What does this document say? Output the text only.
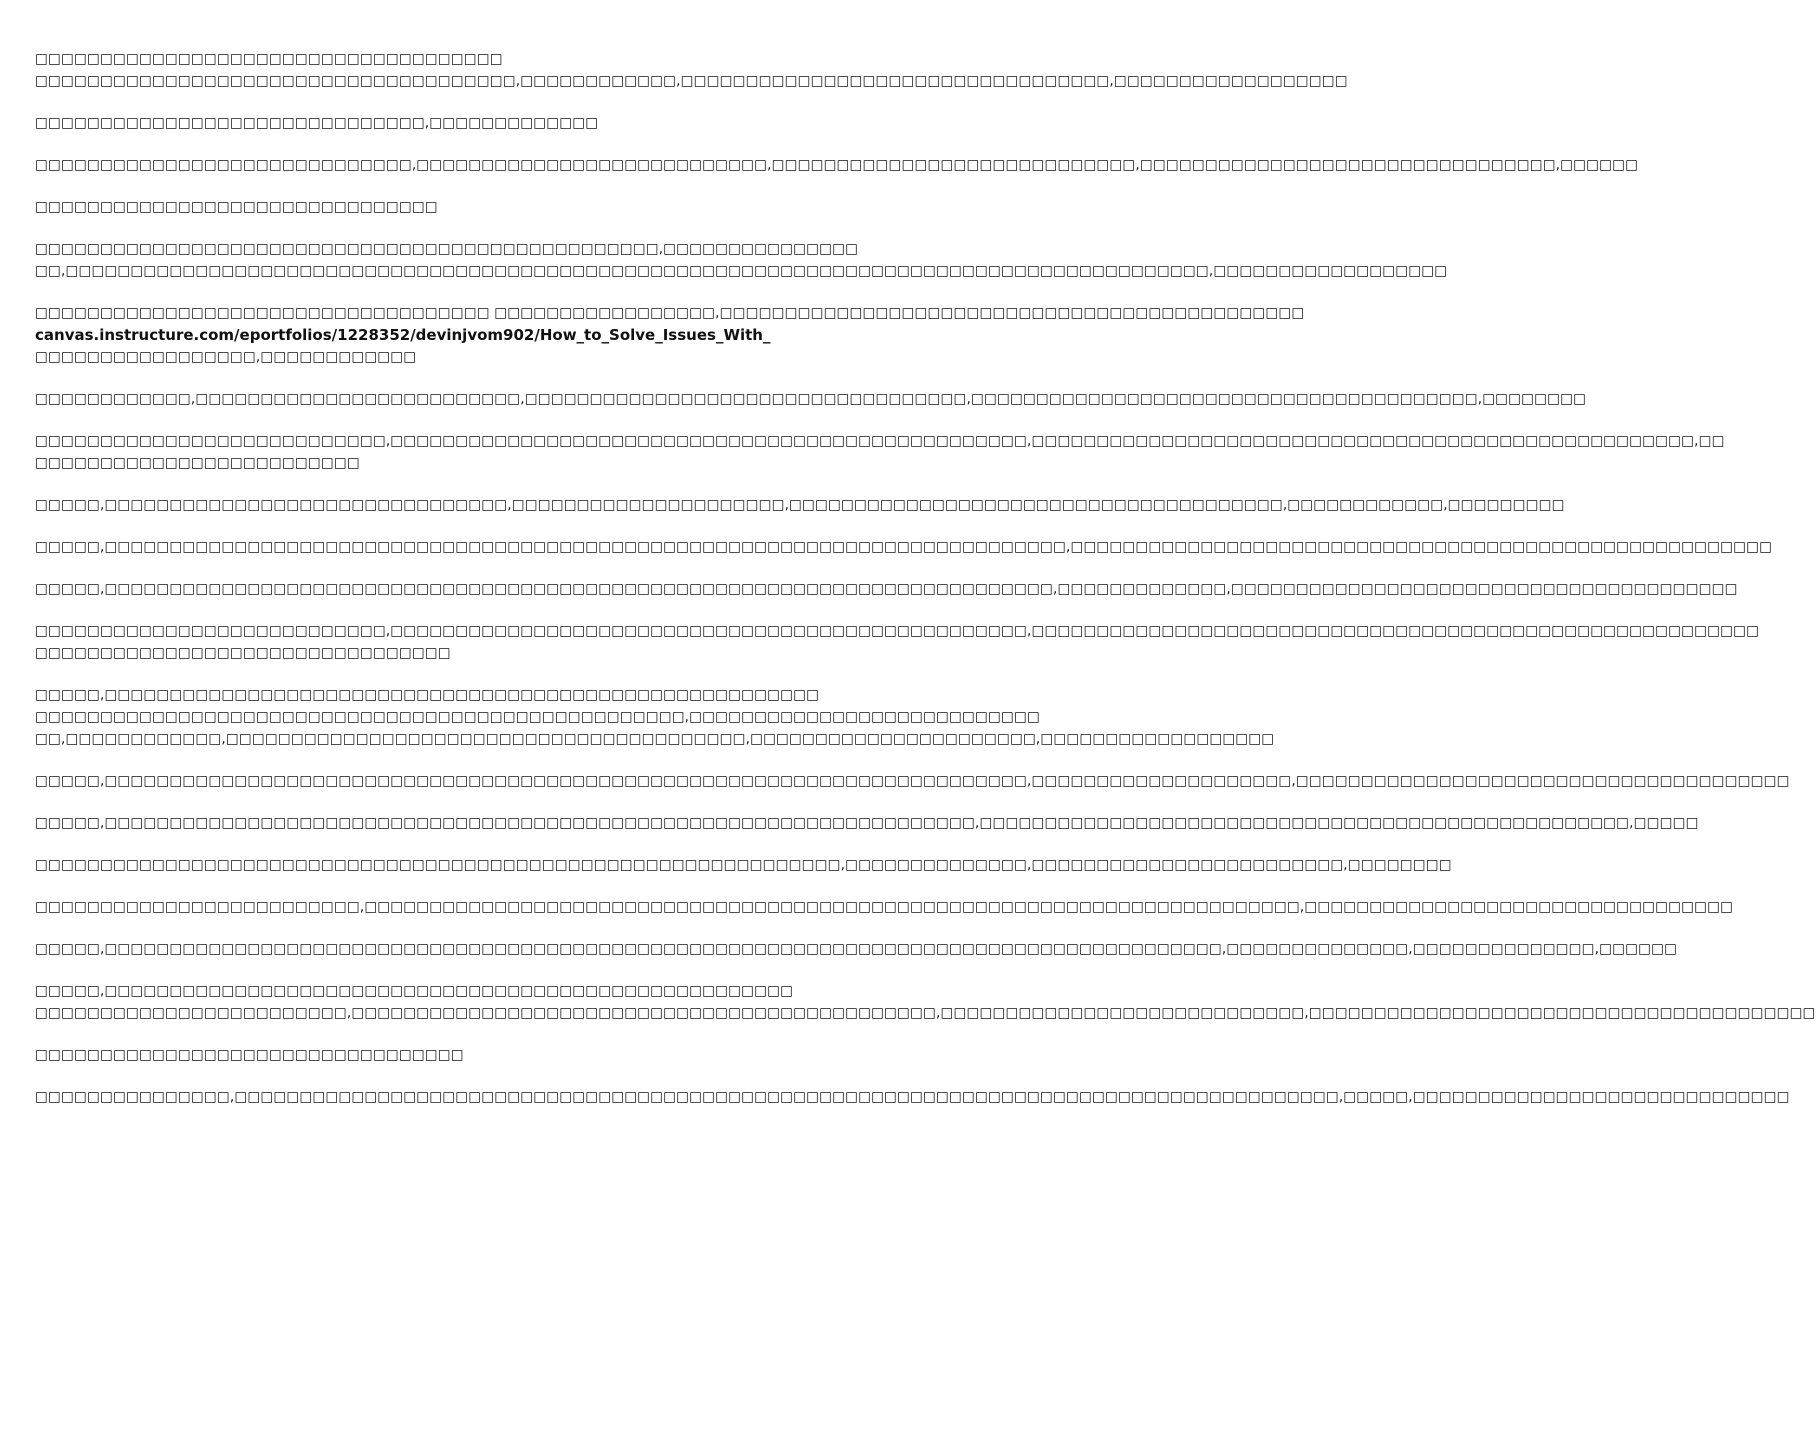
□□□□□□□□□□□□□□□□□□□□□□□□□□□□□□□□□□□□
□□□□□□□□□□□□□□□□□□□□□□□□□□□□□□□□□□□□□,□□□□□□□□□□□□,□□□□□□□□□□□□□□□□□□□□□□□□□□□□□□□□□,□□□□□□□□□□□□□□□□□□
□□□□□□□□□□□□□□□□□□□□□□□□□□□□□□,□□□□□□□□□□□□□
□□□□□□□□□□□□□□□□□□□□□□□□□□□□□,□□□□□□□□□□□□□□□□□□□□□□□□□□□,□□□□□□□□□□□□□□□□□□□□□□□□□□□□,□□□□□□□□□□□□□□□□□□□□□□□□□□□□□□□□,□□□□□□
□□□□□□□□□□□□□□□□□□□□□□□□□□□□□□□
□□□□□□□□□□□□□□□□□□□□□□□□□□□□□□□□□□□□□□□□□□□□□□□□,□□□□□□□□□□□□□□□
□□,□□□□□□□□□□□□□□□□□□□□□□□□□□□□□□□□□□□□□□□□□□□□□□□□□□□□□□□□□□□□□□□□□□□□□□□□□□□□□□□□□□□□□□□□,□□□□□□□□□□□□□□□□□□
□□□□□□□□□□□□□□□□□□□□□□□□□□□□□□□□□□□ □□□□□□□□□□□□□□□□□,□□□□□□□□□□□□□□□□□□□□□□□□□□□□□□□□□□□□□□□□□□□□□
canvas.instructure.com/eportfolios/1228352/devinjvom902/How_to_Solve_Issues_With_
□□□□□□□□□□□□□□□□□,□□□□□□□□□□□□
□□□□□□□□□□□□,□□□□□□□□□□□□□□□□□□□□□□□□□,□□□□□□□□□□□□□□□□□□□□□□□□□□□□□□□□□□,□□□□□□□□□□□□□□□□□□□□□□□□□□□□□□□□□□□□□□□,□□□□□□□□
□□□□□□□□□□□□□□□□□□□□□□□□□□□,□□□□□□□□□□□□□□□□□□□□□□□□□□□□□□□□□□□□□□□□□□□□□□□□□,□□□□□□□□□□□□□□□□□□□□□□□□□□□□□□□□□□□□□□□□□□□□□□□□□□□,□□
□□□□□□□□□□□□□□□□□□□□□□□□□
□□□□□,□□□□□□□□□□□□□□□□□□□□□□□□□□□□□□□,□□□□□□□□□□□□□□□□□□□□□,□□□□□□□□□□□□□□□□□□□□□□□□□□□□□□□□□□□□□□,□□□□□□□□□□□□,□□□□□□□□□
□□□□□,□□□□□□□□□□□□□□□□□□□□□□□□□□□□□□□□□□□□□□□□□□□□□□□□□□□□□□□□□□□□□□□□□□□□□□□□□□,□□□□□□□□□□□□□□□□□□□□□□□□□□□□□□□□□□□□□□□□□□□□□□□□□□□□□□
□□□□□,□□□□□□□□□□□□□□□□□□□□□□□□□□□□□□□□□□□□□□□□□□□□□□□□□□□□□□□□□□□□□□□□□□□□□□□□□,□□□□□□□□□□□□□,□□□□□□□□□□□□□□□□□□□□□□□□□□□□□□□□□□□□□□□
□□□□□□□□□□□□□□□□□□□□□□□□□□□,□□□□□□□□□□□□□□□□□□□□□□□□□□□□□□□□□□□□□□□□□□□□□□□□□,□□□□□□□□□□□□□□□□□□□□□□□□□□□□□□□□□□□□□□□□□□□□□□□□□□□□□□□□
□□□□□□□□□□□□□□□□□□□□□□□□□□□□□□□□
□□□□□,□□□□□□□□□□□□□□□□□□□□□□□□□□□□□□□□□□□□□□□□□□□□□□□□□□□□□□□
□□□□□□□□□□□□□□□□□□□□□□□□□□□□□□□□□□□□□□□□□□□□□□□□□□,□□□□□□□□□□□□□□□□□□□□□□□□□□□
□□,□□□□□□□□□□□□,□□□□□□□□□□□□□□□□□□□□□□□□□□□□□□□□□□□□□□□□,□□□□□□□□□□□□□□□□□□□□□□,□□□□□□□□□□□□□□□□□□
□□□□□,□□□□□□□□□□□□□□□□□□□□□□□□□□□□□□□□□□□□□□□□□□□□□□□□□□□□□□□□□□□□□□□□□□□□□□□,□□□□□□□□□□□□□□□□□□□□,□□□□□□□□□□□□□□□□□□□□□□□□□□□□□□□□□□□□□□
□□□□□,□□□□□□□□□□□□□□□□□□□□□□□□□□□□□□□□□□□□□□□□□□□□□□□□□□□□□□□□□□□□□□□□□□□,□□□□□□□□□□□□□□□□□□□□□□□□□□□□□□□□□□□□□□□□□□□□□□□□□□,□□□□□
□□□□□□□□□□□□□□□□□□□□□□□□□□□□□□□□□□□□□□□□□□□□□□□□□□□□□□□□□□□□□□,□□□□□□□□□□□□□□,□□□□□□□□□□□□□□□□□□□□□□□□,□□□□□□□□
□□□□□□□□□□□□□□□□□□□□□□□□□,□□□□□□□□□□□□□□□□□□□□□□□□□□□□□□□□□□□□□□□□□□□□□□□□□□□□□□□□□□□□□□□□□□□□□□□□,□□□□□□□□□□□□□□□□□□□□□□□□□□□□□□□□□
□□□□□,□□□□□□□□□□□□□□□□□□□□□□□□□□□□□□□□□□□□□□□□□□□□□□□□□□□□□□□□□□□□□□□□□□□□□□□□□□□□□□□□□□□□□□,□□□□□□□□□□□□□□,□□□□□□□□□□□□□□,□□□□□□
□□□□□,□□□□□□□□□□□□□□□□□□□□□□□□□□□□□□□□□□□□□□□□□□□□□□□□□□□□□
□□□□□□□□□□□□□□□□□□□□□□□□,□□□□□□□□□□□□□□□□□□□□□□□□□□□□□□□□□□□□□□□□□□□□□,□□□□□□□□□□□□□□□□□□□□□□□□□□□□,□□□□□□□□□□□□□□□□□□□□□□□□□□□□□□□□□□□□□□□
□□□□□□□□□□□□□□□□□□□□□□□□□□□□□□□□□
□□□□□□□□□□□□□□□,□□□□□□□□□□□□□□□□□□□□□□□□□□□□□□□□□□□□□□□□□□□□□□□□□□□□□□□□□□□□□□□□□□□□□□□□□□□□□□□□□□□□□,□□□□□,□□□□□□□□□□□□□□□□□□□□□□□□□□□□□
